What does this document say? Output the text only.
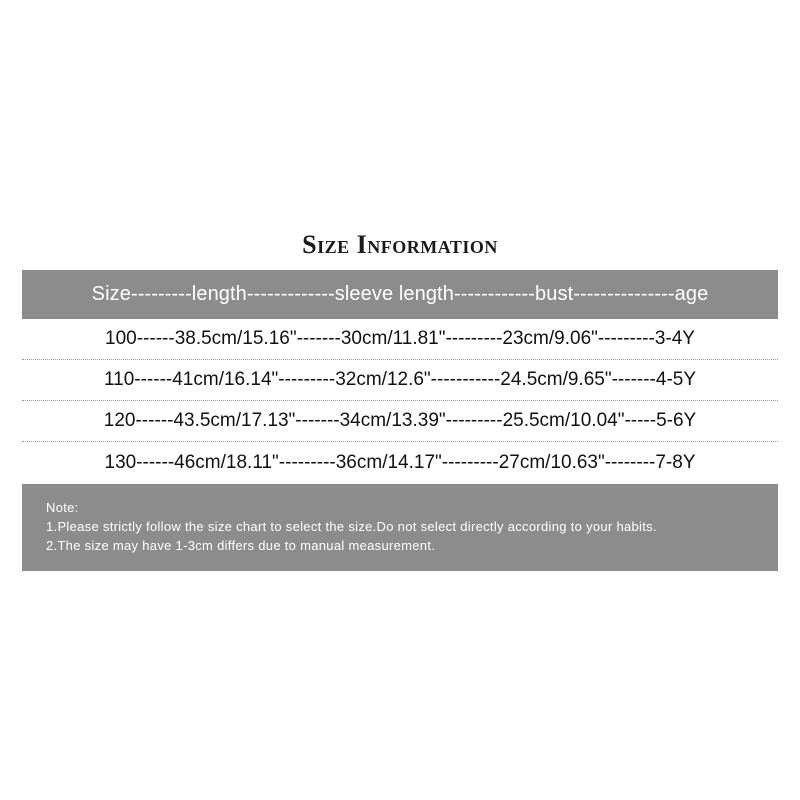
Size Information
Size---------length-------------sleeve length------------bust---------------age
100------38.5cm/15.16"-------30cm/11.81"---------23cm/9.06"---------3-4Y
110------41cm/16.14"---------32cm/12.6"-----------24.5cm/9.65"-------4-5Y
120------43.5cm/17.13"-------34cm/13.39"---------25.5cm/10.04"-----5-6Y
130------46cm/18.11"---------36cm/14.17"---------27cm/10.63"--------7-8Y
Note:
1.Please strictly follow the size chart to select the size.Do not select directly according to your habits.
2.The size may have 1-3cm differs due to manual measurement.
